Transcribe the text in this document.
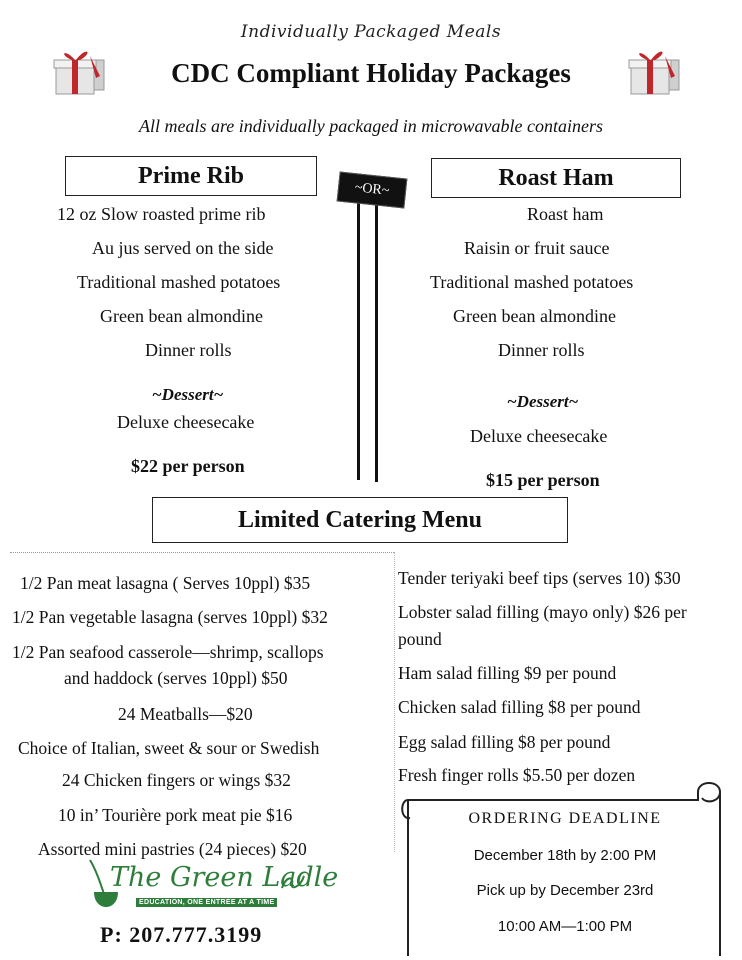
Individually Packaged Meals
CDC Compliant Holiday Packages
All meals are individually packaged in microwavable containers
Prime Rib	Roast Ham
~OR~
12 oz Slow roasted prime rib
Au jus served on the side
Traditional mashed potatoes
Green bean almondine
Dinner rolls
~Dessert~
Deluxe cheesecake
$22 per person
Roast ham
Raisin or fruit sauce
Traditional mashed potatoes
Green bean almondine
Dinner rolls
~Dessert~
Deluxe cheesecake
$15 per person
Limited Catering Menu
1/2 Pan meat lasagna ( Serves 10ppl) $35
1/2 Pan vegetable lasagna (serves 10ppl) $32
1/2 Pan seafood casserole—shrimp, scallops
and haddock (serves 10ppl) $50
24 Meatballs—$20
Choice of Italian, sweet & sour or Swedish
24 Chicken fingers or wings $32
10 in’ Tourière pork meat pie $16
Assorted mini pastries (24 pieces) $20
Tender teriyaki beef tips (serves 10) $30
Lobster salad filling (mayo only) $26 per
pound
Ham salad filling $9 per pound
Chicken salad filling $8 per pound
Egg salad filling $8 per pound
Fresh finger rolls $5.50 per dozen
ORDERING DEADLINE
December 18th by 2:00 PM
Pick up by December 23rd
10:00 AM—1:00 PM
The Green Ladle
EDUCATION, ONE ENTRÉE AT A TIME
P: 207.777.3199
